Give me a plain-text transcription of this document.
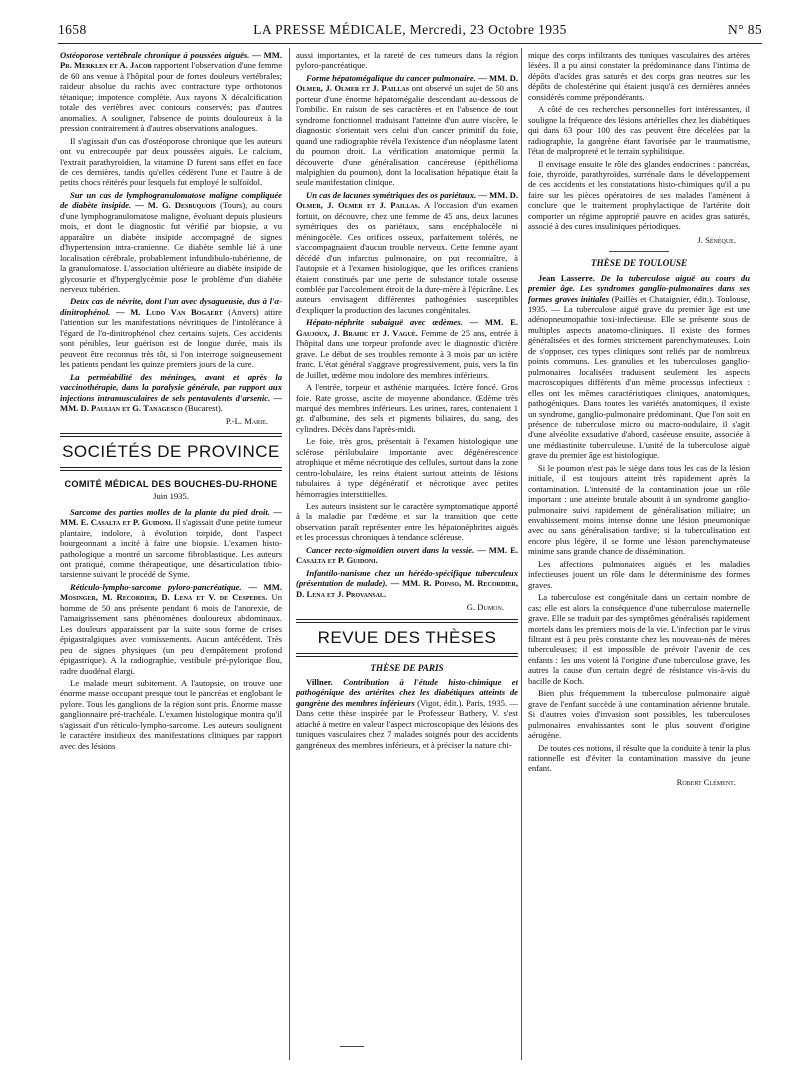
1658	LA PRESSE MÉDICALE, Mercredi, 23 Octobre 1935	N° 85

Ostéoporose vertébrale chronique à poussées aiguës. — MM. Pr. Merklen et A. Jacob rapportent l'observation d'une femme de 60 ans venue à l'hôpital pour de fortes douleurs vertébrales; raideur absolue du rachis avec contracture type orthotonos tétanique; impotence complète. Aux rayons X décalcification totale des vertèbres avec contours conservés; pas d'autres anomalies. A souligner, l'absence de points douloureux à la pression contrairement à d'autres observations analogues.

Il s'agissait d'un cas d'ostéoporose chronique que les auteurs ont vu entrecoupée par deux poussées aiguës. Le calcium, l'extrait parathyroïdien, la vitamine D furent sans effet en face de ces dernières, tandis qu'elles cédèrent l'une et l'autre à de petits chocs réitérés pour lesquels fut employé le sulfoïdol.

Sur un cas de lymphogranulomatose maligne compliquée de diabète insipide. — M. G. Desbuquois (Tours), au cours d'une lymphogranulomatose maligne, évoluant depuis plusieurs mois, et dont le diagnostic fut vérifié par biopsie, a vu apparaître un diabète insipide accompagné de signes d'hypertension intra-cranienne. Ce diabète semble lié à une localisation cérébrale, probablement infundibulo-tubérienne, de la granulomatose. L'association ultérieure au diabète insipide de glycosurie et d'hyperglycémie pose le problème d'un diabète nerveux tubérien.

Deux cas de névrite, dont l'un avec dysagueusie, dus à l'α-dinitrophénol. — M. Ludo Van Bogaert (Anvers) attire l'attention sur les manifestations névritiques de l'intolérance à l'égard de l'α-dinitrophénol chez certains sujets. Ces accidents sont pénibles, leur guérison est de longue durée, mais ils peuvent être reconnus très tôt, si l'on interroge soigneusement les patients pendant les quinze premiers jours de la cure.

La perméabilité des méninges, avant et après la vaccinothérapie, dans la paralysie générale, par rapport aux injections intramusculaires de sels pentavalents d'arsenic. — MM. D. Paulian et G. Tanagesco (Bucarest).

P.-L. Marie.

SOCIÉTÉS DE PROVINCE
COMITÉ MÉDICAL DES BOUCHES-DU-RHONE
Juin 1935.

Sarcome des parties molles de la plante du pied droit. — MM. E. Casalta et P. Guidoni. Il s'agissait d'une petite tumeur plantaire, indolore, à évolution torpide, dont l'aspect bourgeonnant a incité à faire une biopsie. L'examen histo-pathologique a montré un sarcome fibroblastique. Les auteurs ont pratiqué, comme thérapeutique, une désarticulation tibio-tarsienne suivant le procédé de Syme.

Réticulo-lympho-sarcome pyloro-pancréatique. — MM. Mosinger, M. Recordier, D. Lena et V. de Cespedes. Un homme de 50 ans présente pendant 6 mois de l'anorexie, de l'amaigrissement sans phénomènes douloureux abdominaux. Les douleurs apparaissent par la suite sous forme de crises épigastralgiques avec vomissements. Aucun antécédent. Très peu de signes physiques (un peu d'empâtement profond épigastrique). A la radiographie, vestibule pré-pylorique flou, radre duodénal élargi.

Le malade meurt subitement. A l'autopsie, on trouve une énorme masse occupant presque tout le pancréas et englobant le pylore. Tous les ganglions de la région sont pris. Énorme masse ganglionnaire pré-trachéale. L'examen histologique montra qu'il s'agissait d'un réticulo-lympho-sarcome. Les auteurs soulignent le caractère insidieux des manifestations cliniques par rapport avec des lésions

aussi importantes, et la rareté de ces tumeurs dans la région pyloro-pancréatique.

Forme hépatomégalique du cancer pulmonaire. — MM. D. Olmer, J. Olmer et J. Paillas ont observé un sujet de 50 ans porteur d'une énorme hépatomégalie descendant au-dessous de l'ombilic. En raison de ses caractères et en l'absence de tout syndrome fonctionnel traduisant l'atteinte d'un autre viscère, le diagnostic s'orientait vers celui d'un cancer primitif du foie, quand une radiographie révéla l'existence d'un néoplasme latent du poumon droit. La vérification anatomique permit la découverte d'une généralisation cancéreuse (épithélioma malpighien du poumon), dont la localisation hépatique était la seule manifestation clinique.

Un cas de lacunes symétriques des os pariétaux. — MM. D. Olmer, J. Olmer et J. Paillas. A l'occasion d'un examen fortuit, on découvre, chez une femme de 45 ans, deux lacunes symétriques des os pariétaux, sans encéphalocèle ni méningocèle. Ces orifices osseux, parfaitement tolérés, ne s'accompagnaient d'aucun trouble nerveux. Cette femme ayant décédé d'un infarctus pulmonaire, on put reconnaître, à l'autopsie et à l'examen histologique, que les orifices craniens étaient constitués par une perte de substance totale osseuse comblée par l'accolement étroit de la dure-mère à l'épicrâne. Les auteurs envisagent différentes pathogénies susceptibles d'expliquer la production des lacunes congénitales.

Hépato-néphrite subaiguë avec œdèmes. — MM. E. Gaujoux, J. Brahic et J. Vagué. Femme de 25 ans, entrée à l'hôpital dans une torpeur profonde avec le diagnostic d'ictère grave. Le début de ses troubles remonte à 3 mois par un ictère franc. L'état général s'aggrave progressivement, puis, vers la fin de Juillet, œdème mou indolore des membres inférieurs.

A l'entrée, torpeur et asthénie marquées. Ictère foncé. Gros foie. Rate grosse, ascite de moyenne abondance. Œdème très marqué des membres inférieurs. Les urines, rares, contenaient 1 gr. d'albumine, des sels et pigments biliaires, du sang, des cylindres. Décès dans l'après-midi.

Le foie, très gros, présentait à l'examen histologique une sclérose périlobulaire importante avec dégénérescence atrophique et même nécrotique des cellules, surtout dans la zone centro-lobulaire, les reins étaient surtout atteints de lésions tubulaires à type dégénératif et nécrotique avec petites hémorragies interstitielles.

Les auteurs insistent sur le caractère symptomatique apporté à la maladie par l'œdème et sur la transition que cette observation paraît représenter entre les hépatonéphrites aiguës et les processus chroniques à tendance scléreuse.

Cancer recto-sigmoïdien ouvert dans la vessie. — MM. E. Casalta et P. Guidoni.

Infantilo-nanisme chez un hérédo-spécifique tuberculeux (présentation de malade). — MM. R. Poinso, M. Recordier, D. Lena et J. Provansal.

G. Dumon.

REVUE DES THÈSES
THÈSE DE PARIS

Villner. Contribution à l'étude histo-chimique et pathogénique des artérites chez les diabétiques atteints de gangrène des membres inférieurs (Vigot, édit.). Paris, 1935. — Dans cette thèse inspirée par le Professeur Bathery, V. s'est attaché à mettre en valeur l'aspect microscopique des lésions des tuniques vasculaires chez 7 malades soignés pour des accidents gangréneux des membres inférieurs, et à préciser la nature chi-

mique des corps infiltrants des tuniques vasculaires des artères lésées. Il a pu ainsi constater la prédominance dans l'intima de dépôts d'acides gras saturés et des corps gras neutres sur les dépôts de cholestérine qui étaient jusqu'à ces dernières années considérés comme prépondérants.

A côté de ces recherches personnelles fort intéressantes, il souligne la fréquence des lésions artérielles chez les diabétiques qui dans 63 pour 100 des cas peuvent être décelées par la radiographie, la gangrène étant favorisée par le traumatisme, l'état de malpropreté et le terrain syphilitique.

Il envisage ensuite le rôle des glandes endocrines : pancréas, foie, thyroïde, parathyroïdes, surrénale dans le développement de ces accidents et les constatations histo-chimiques qu'il a pu faire sur les pièces opératoires de ses malades l'amènent à conclure que le traitement prophylactique de l'artérite doit comporter un régime approprié pauvre en acides gras saturés, associé à des cures insuliniques périodiques.

J. Sénèque.

THÈSE DE TOULOUSE

Jean Lasserre. De la tuberculose aiguë au cours du premier âge. Les syndromes ganglio-pulmonaires dans ses formes graves initiales (Paillès et Chataignier, édit.). Toulouse, 1935. — La tuberculose aiguë grave du premier âge est une adénopneumopathie toxi-infectieuse. Elle se présente sous de multiples aspects anatomo-cliniques. Il existe des formes généralisées et des formes strictement parenchymateuses. Loin de s'opposer, ces types cliniques sont reliés par de nombreux points communs. Les granulies et les tuberculoses ganglio-pulmonaires localisées traduisent seulement les aspects macroscopiques différents d'un même processus infectieux : elles ont les mêmes caractéristiques cliniques, anatomiques, pathogéniques. Dans toutes les variétés anatomiques, il existe un syndrome, ganglio-pulmonaire prédominant. Que l'on soit en présence de tuberculose micro ou macro-nodulaire, il s'agit d'une alvéolite exsudative d'abord, caséeuse ensuite, associée à une médiastinite tuberculeuse. L'unité de la tuberculose aiguë grave du premier âge est histologique.

Si le poumon n'est pas le siège dans tous les cas de la lésion initiale, il est toujours atteint très rapidement après la contamination. L'intensité de la contamination joue un rôle important : une atteinte brutale aboutit à un syndrome ganglio-pulmonaire suivi rapidement de généralisation miliaire; un envahissement moins intense donne une lésion pneumonique avec ou sans généralisation tardive; si la tuberculisation est encore plus légère, il se forme une lésion parenchymateuse minime sans grande chance de dissémination.

Les affections pulmonaires aiguës et les maladies infectieuses jouent un rôle dans le déterminisme des formes graves.

La tuberculose est congénitale dans un certain nombre de cas; elle est alors la conséquence d'une tuberculose maternelle grave. Elle se traduit par des symptômes généralisés rapidement mortels dans les premiers mois de la vie. L'infection par le virus filtrant est à peu près constante chez les nouveau-nés de mères tuberculeuses; il est impossible de prévoir l'avenir de ces enfants : les uns voient là l'origine d'une tuberculose grave, les autres la cause d'un certain degré de résistance vis-à-vis du bacille de Koch.

Bien plus fréquemment la tuberculose pulmonaire aiguë grave de l'enfant succède à une contamination aérienne brutale. Si d'autres voies d'invasion sont possibles, les tuberculoses pulmonaires envahissantes sont le plus souvent d'origine aérogène.

De toutes ces notions, il résulte que la conduite à tenir la plus rationnelle est d'éviter la contamination massive du jeune enfant.

Robert Clément.
